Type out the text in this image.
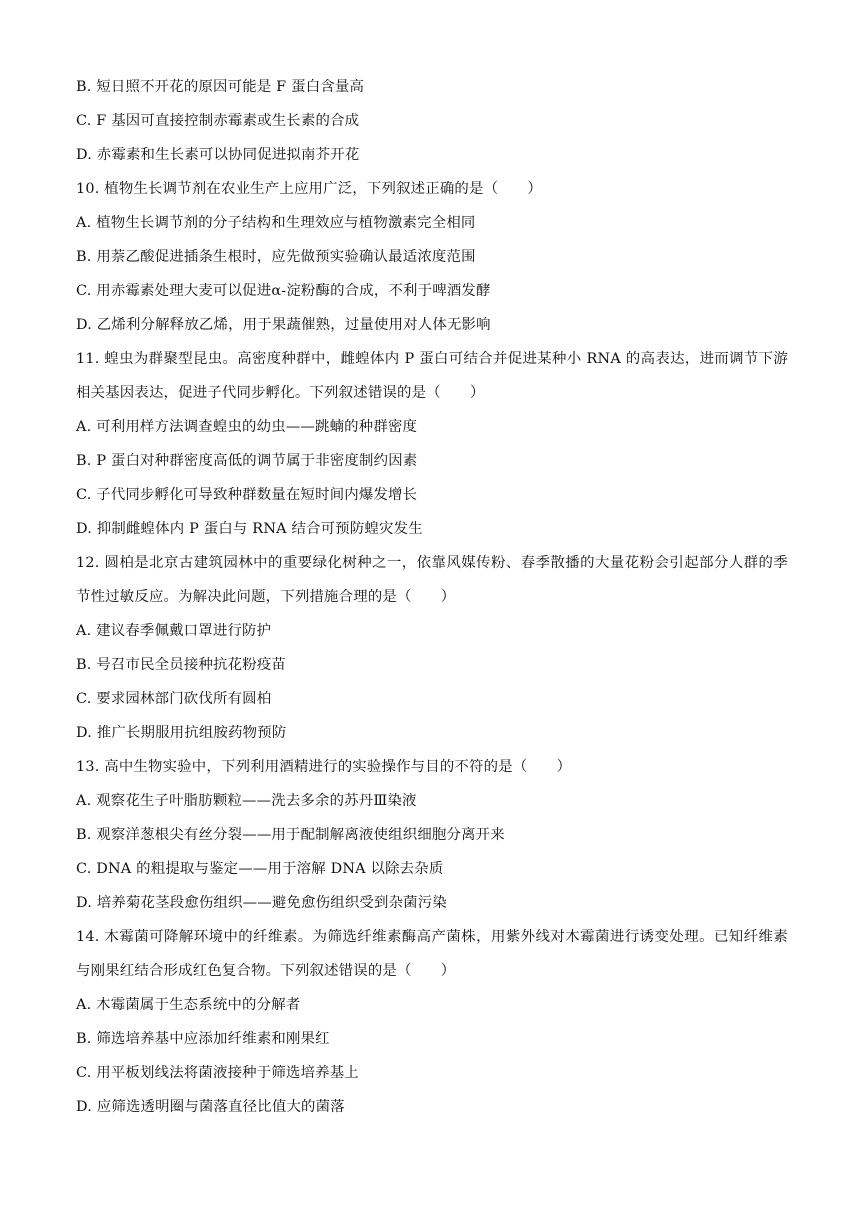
B. 短日照不开花的原因可能是 F 蛋白含量高
C. F 基因可直接控制赤霉素或生长素的合成
D. 赤霉素和生长素可以协同促进拟南芥开花
10. 植物生长调节剂在农业生产上应用广泛，下列叙述正确的是（　　）
A. 植物生长调节剂的分子结构和生理效应与植物激素完全相同
B. 用萘乙酸促进插条生根时，应先做预实验确认最适浓度范围
C. 用赤霉素处理大麦可以促进α-淀粉酶的合成，不利于啤酒发酵
D. 乙烯利分解释放乙烯，用于果蔬催熟，过量使用对人体无影响
11. 蝗虫为群聚型昆虫。高密度种群中，雌蝗体内 P 蛋白可结合并促进某种小 RNA 的高表达，进而调节下游相关基因表达，促进子代同步孵化。下列叙述错误的是（　　）
A. 可利用样方法调查蝗虫的幼虫——跳蝻的种群密度
B. P 蛋白对种群密度高低的调节属于非密度制约因素
C. 子代同步孵化可导致种群数量在短时间内爆发增长
D. 抑制雌蝗体内 P 蛋白与 RNA 结合可预防蝗灾发生
12. 圆柏是北京古建筑园林中的重要绿化树种之一，依靠风媒传粉、春季散播的大量花粉会引起部分人群的季节性过敏反应。为解决此问题，下列措施合理的是（　　）
A. 建议春季佩戴口罩进行防护
B. 号召市民全员接种抗花粉疫苗
C. 要求园林部门砍伐所有圆柏
D. 推广长期服用抗组胺药物预防
13. 高中生物实验中，下列利用酒精进行的实验操作与目的不符的是（　　）
A. 观察花生子叶脂肪颗粒——洗去多余的苏丹Ⅲ染液
B. 观察洋葱根尖有丝分裂——用于配制解离液使组织细胞分离开来
C. DNA 的粗提取与鉴定——用于溶解 DNA 以除去杂质
D. 培养菊花茎段愈伤组织——避免愈伤组织受到杂菌污染
14. 木霉菌可降解环境中的纤维素。为筛选纤维素酶高产菌株，用紫外线对木霉菌进行诱变处理。已知纤维素与刚果红结合形成红色复合物。下列叙述错误的是（　　）
A. 木霉菌属于生态系统中的分解者
B. 筛选培养基中应添加纤维素和刚果红
C. 用平板划线法将菌液接种于筛选培养基上
D. 应筛选透明圈与菌落直径比值大的菌落
